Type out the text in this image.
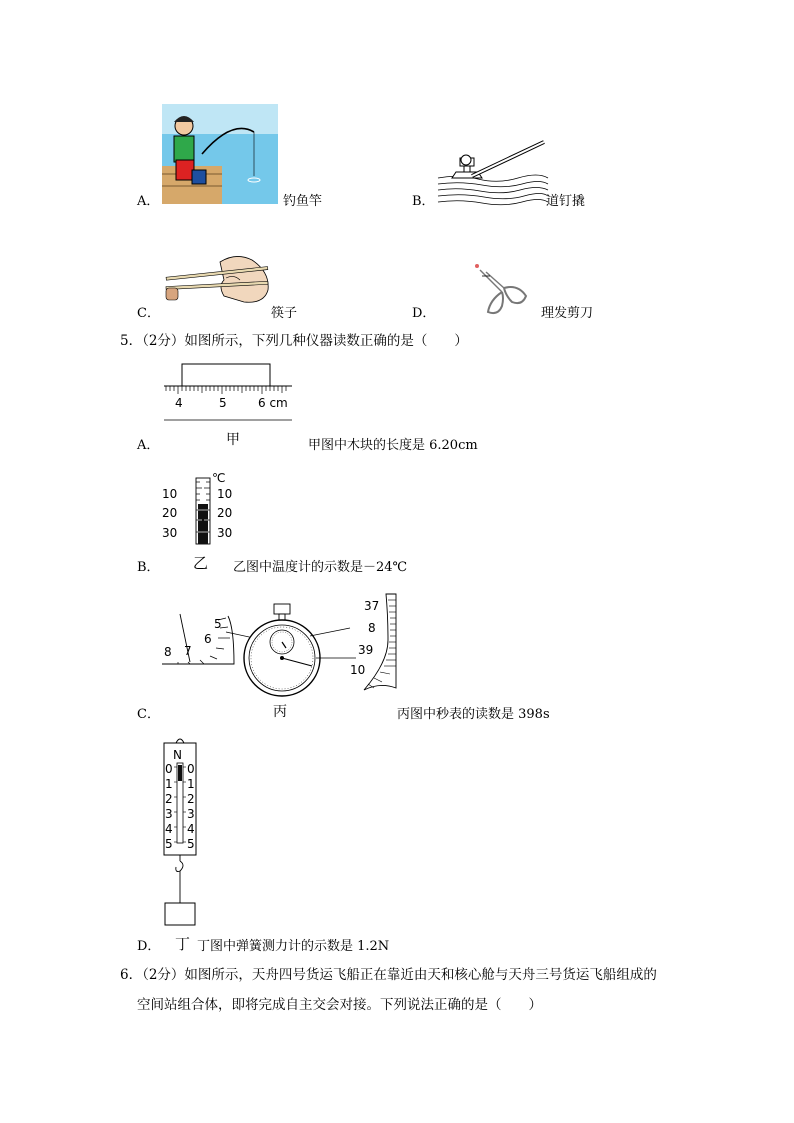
A．	钓鱼竿	B．	道钉撬
C．	筷子	D．	理发剪刀
5．（2分）如图所示，下列几种仪器读数正确的是（　　）
4	5	6 cm
甲
A．	甲图中木块的长度是 6.20cm
℃
10
20
30
10
20
30
乙
B．	乙图中温度计的示数是－24℃
5
6
7
8
37
8
39
10
丙
C．	丙图中秒表的读数是 398s
N
0
1
2
3
4
5
0
1
2
3
4
5
丁
D．	丁图中弹簧测力计的示数是 1.2N
6．（2分）如图所示，天舟四号货运飞船正在靠近由天和核心舱与天舟三号货运飞船组成的
空间站组合体，即将完成自主交会对接。下列说法正确的是（　　）
